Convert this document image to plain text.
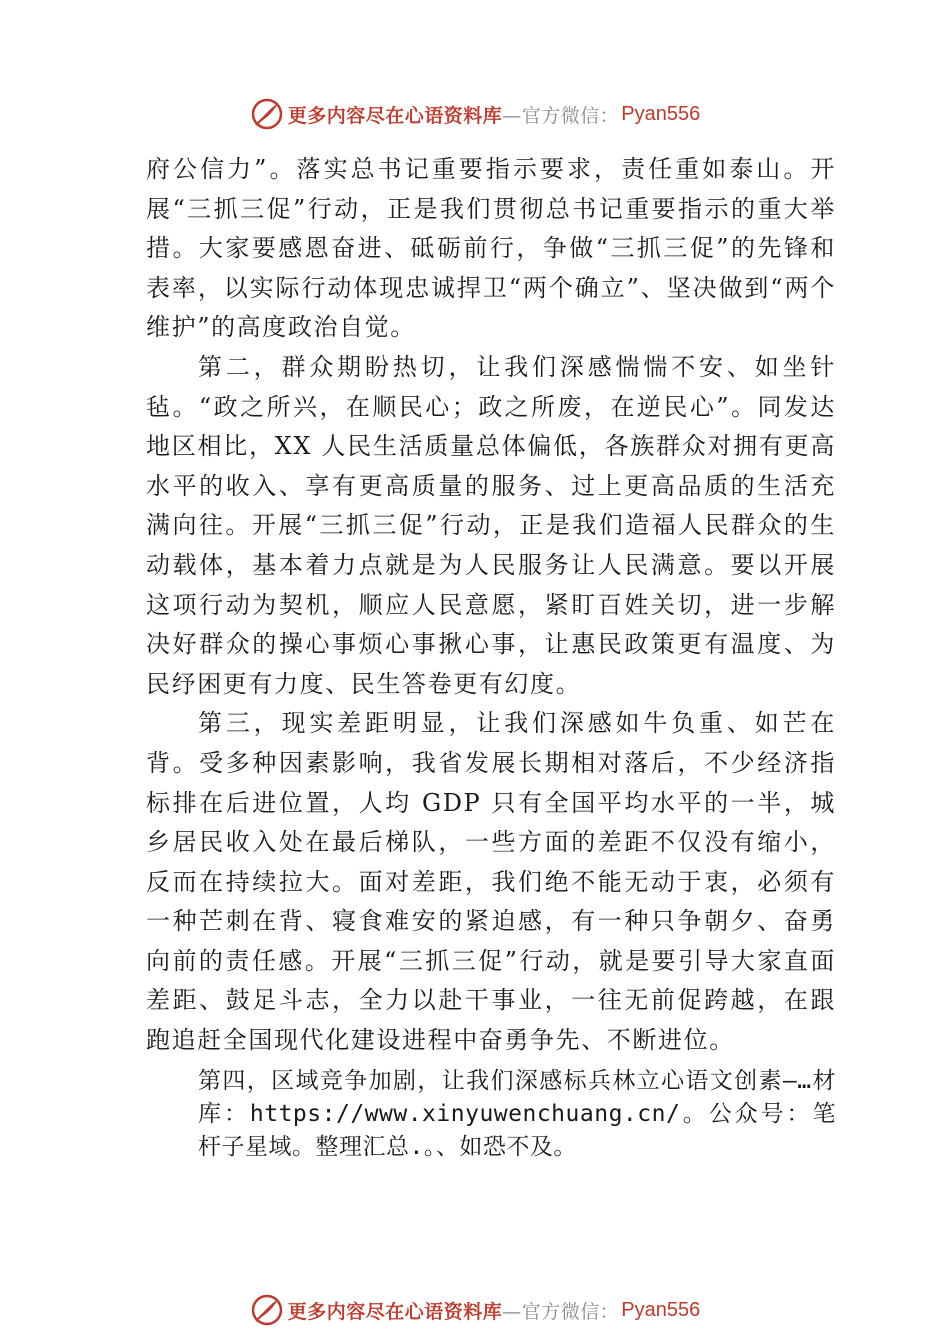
更多内容尽在心语资料库 —官方微信： Pyan556

府公信力”。落实总书记重要指示要求，责任重如泰山。开展“三抓三促”行动，正是我们贯彻总书记重要指示的重大举措。大家要感恩奋进、砥砺前行，争做“三抓三促”的先锋和表率，以实际行动体现忠诚捍卫“两个确立”、坚决做到“两个维护”的高度政治自觉。

第二，群众期盼热切，让我们深感惴惴不安、如坐针毡。“政之所兴，在顺民心；政之所废，在逆民心”。同发达地区相比，XX 人民生活质量总体偏低，各族群众对拥有更高水平的收入、享有更高质量的服务、过上更高品质的生活充满向往。开展“三抓三促”行动，正是我们造福人民群众的生动载体，基本着力点就是为人民服务让人民满意。要以开展这项行动为契机，顺应人民意愿，紧盯百姓关切，进一步解决好群众的操心事烦心事揪心事，让惠民政策更有温度、为民纾困更有力度、民生答卷更有幻度。

第三，现实差距明显，让我们深感如牛负重、如芒在背。受多种因素影响，我省发展长期相对落后，不少经济指标排在后进位置，人均 GDP 只有全国平均水平的一半，城乡居民收入处在最后梯队，一些方面的差距不仅没有缩小，反而在持续拉大。面对差距，我们绝不能无动于衷，必须有一种芒刺在背、寝食难安的紧迫感，有一种只争朝夕、奋勇向前的责任感。开展“三抓三促”行动，就是要引导大家直面差距、鼓足斗志，全力以赴干事业，一往无前促跨越，在跟跑追赶全国现代化建设进程中奋勇争先、不断进位。

第四，区域竞争加剧，让我们深感标兵林立心语文创素—…材库：https://www.xinyuwenchuang.cn/。公众号：笔杆子星域。整理汇总.。、如恐不及。

更多内容尽在心语资料库 —官方微信： Pyan556
